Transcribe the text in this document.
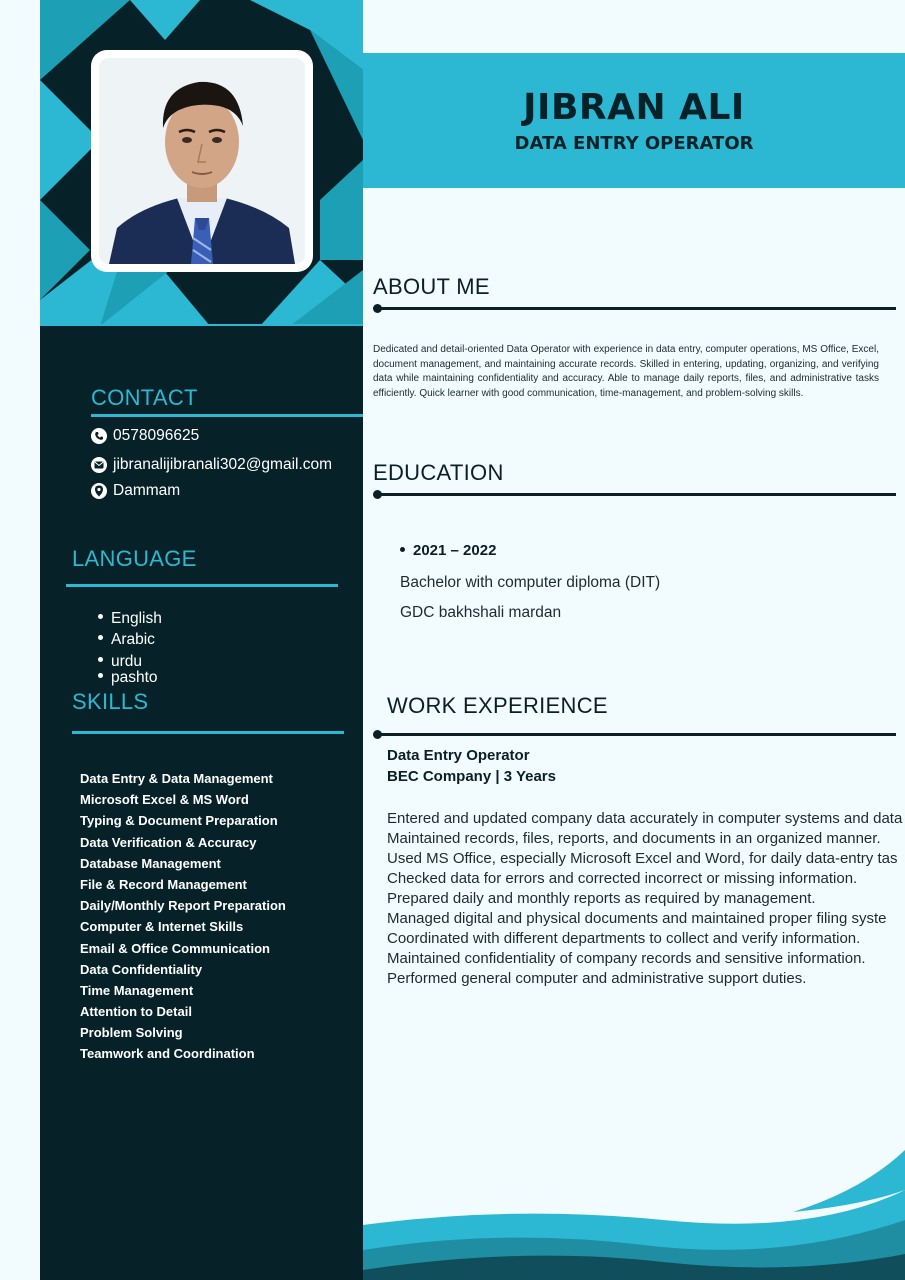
CONTACT
0578096625
jibranalijibranali302@gmail.com
Dammam
LANGUAGE
English
Arabic
urdu
pashto
SKILLS
Data Entry & Data Management
Microsoft Excel & MS Word
Typing & Document Preparation
Data Verification & Accuracy
Database Management
File & Record Management
Daily/Monthly Report Preparation
Computer & Internet Skills
Email & Office Communication
Data Confidentiality
Time Management
Attention to Detail
Problem Solving
Teamwork and Coordination
JIBRAN ALI
DATA ENTRY OPERATOR
ABOUT ME

Dedicated and detail-oriented Data Operator with experience in data entry, computer operations, MS Office, Excel, document management, and maintaining accurate records. Skilled in entering, updating, organizing, and verifying data while maintaining confidentiality and accuracy. Able to manage daily reports, files, and administrative tasks efficiently. Quick learner with good communication, time-management, and problem-solving skills.

EDUCATION
2021 – 2022
Bachelor with computer diploma (DIT)
GDC bakhshali mardan
WORK EXPERIENCE
Data Entry Operator
BEC Company | 3 Years
Entered and updated company data accurately in computer systems and data
Maintained records, files, reports, and documents in an organized manner.
Used MS Office, especially Microsoft Excel and Word, for daily data-entry tas
Checked data for errors and corrected incorrect or missing information.
Prepared daily and monthly reports as required by management.
Managed digital and physical documents and maintained proper filing syste
Coordinated with different departments to collect and verify information.
Maintained confidentiality of company records and sensitive information.
Performed general computer and administrative support duties.
